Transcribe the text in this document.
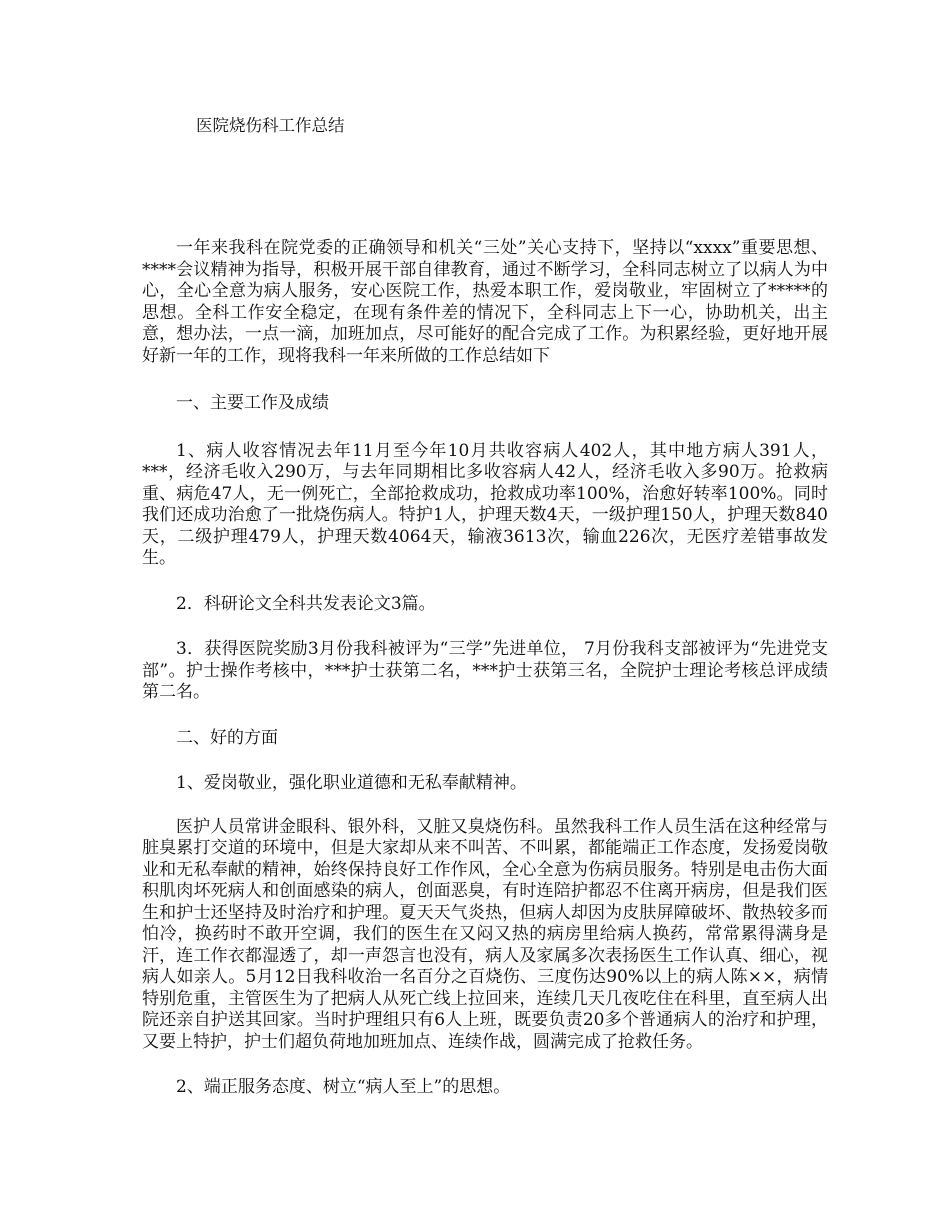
医院烧伤科工作总结

一年来我科在院党委的正确领导和机关“三处”关心支持下，坚持以“xxxx”重要思想、****会议精神为指导，积极开展干部自律教育，通过不断学习，全科同志树立了以病人为中心，全心全意为病人服务，安心医院工作，热爱本职工作，爱岗敬业，牢固树立了*****的思想。全科工作安全稳定，在现有条件差的情况下，全科同志上下一心，协助机关，出主意，想办法，一点一滴，加班加点，尽可能好的配合完成了工作。为积累经验，更好地开展好新一年的工作，现将我科一年来所做的工作总结如下

一、主要工作及成绩

1、病人收容情况去年11月至今年10月共收容病人402人，其中地方病人391人，***，经济毛收入290万，与去年同期相比多收容病人42人，经济毛收入多90万。抢救病重、病危47人，无一例死亡，全部抢救成功，抢救成功率100%，治愈好转率100%。同时我们还成功治愈了一批烧伤病人。特护1人，护理天数4天，一级护理150人，护理天数840天，二级护理479人，护理天数4064天，输液3613次，输血226次，无医疗差错事故发生。

2．科研论文全科共发表论文3篇。

3．获得医院奖励3月份我科被评为“三学”先进单位， 7月份我科支部被评为“先进党支部”。护士操作考核中，***护士获第二名，***护士获第三名，全院护士理论考核总评成绩第二名。

二、好的方面

1、爱岗敬业，强化职业道德和无私奉献精神。

医护人员常讲金眼科、银外科，又脏又臭烧伤科。虽然我科工作人员生活在这种经常与脏臭累打交道的环境中，但是大家却从来不叫苦、不叫累，都能端正工作态度，发扬爱岗敬业和无私奉献的精神，始终保持良好工作作风，全心全意为伤病员服务。特别是电击伤大面积肌肉坏死病人和创面感染的病人，创面恶臭，有时连陪护都忍不住离开病房，但是我们医生和护士还坚持及时治疗和护理。夏天天气炎热，但病人却因为皮肤屏障破坏、散热较多而怕冷，换药时不敢开空调，我们的医生在又闷又热的病房里给病人换药，常常累得满身是汗，连工作衣都湿透了，却一声怨言也没有，病人及家属多次表扬医生工作认真、细心，视病人如亲人。5月12日我科收治一名百分之百烧伤、三度伤达90%以上的病人陈××，病情特别危重，主管医生为了把病人从死亡线上拉回来，连续几天几夜吃住在科里，直至病人出院还亲自护送其回家。当时护理组只有6人上班，既要负责20多个普通病人的治疗和护理，又要上特护，护士们超负荷地加班加点、连续作战，圆满完成了抢救任务。

2、端正服务态度、树立“病人至上”的思想。
